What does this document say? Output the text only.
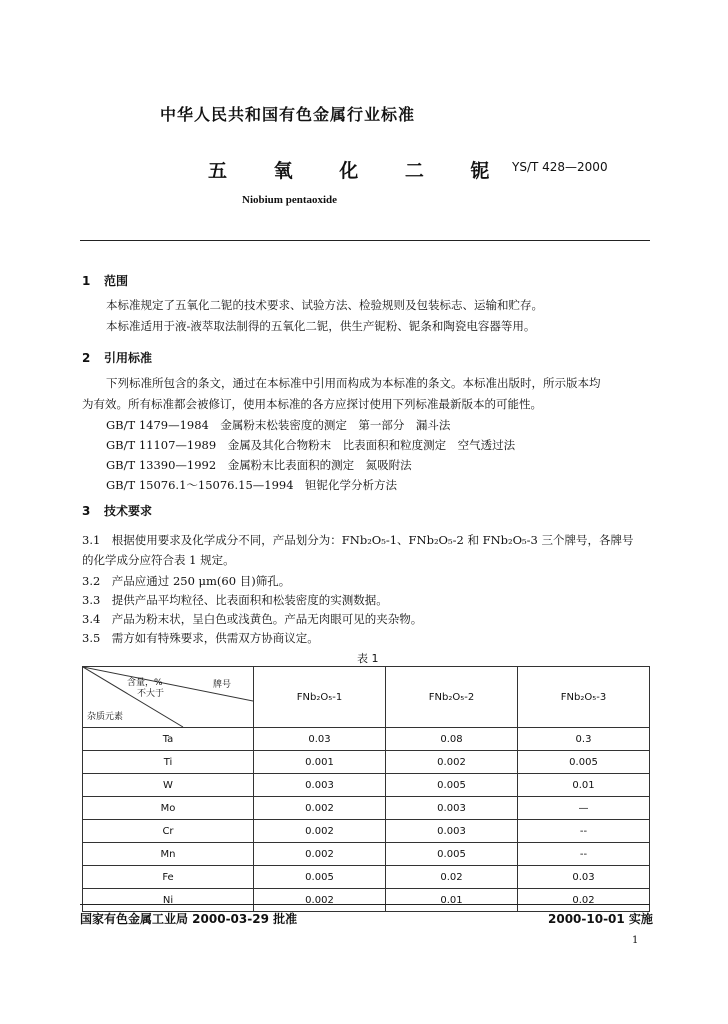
中华人民共和国有色金属行业标准
五 氧 化 二 铌 YS/T 428—2000
Niobium pentaoxide
1 范围
本标准规定了五氧化二铌的技术要求、试验方法、检验规则及包装标志、运输和贮存。
本标准适用于液-液萃取法制得的五氧化二铌，供生产铌粉、铌条和陶瓷电容器等用。
2 引用标准
下列标准所包含的条文，通过在本标准中引用而构成为本标准的条文。本标准出版时，所示版本均
为有效。所有标准都会被修订，使用本标准的各方应探讨使用下列标准最新版本的可能性。
GB/T 1479—1984　金属粉末松装密度的测定　第一部分　漏斗法
GB/T 11107—1989　金属及其化合物粉末　比表面积和粒度测定　空气透过法
GB/T 13390—1992　金属粉末比表面积的测定　氮吸附法
GB/T 15076.1～15076.15—1994　钽铌化学分析方法
3 技术要求
3.1　根据使用要求及化学成分不同，产品划分为：FNb₂O₅-1、FNb₂O₅-2 和 FNb₂O₅-3 三个牌号，各牌号
的化学成分应符合表 1 规定。
3.2　产品应通过 250 μm(60 目)筛孔。
3.3　提供产品平均粒径、比表面积和松装密度的实测数据。
3.4　产品为粉末状，呈白色或浅黄色。产品无肉眼可见的夹杂物。
3.5　需方如有特殊要求，供需双方协商议定。
表 1
含量，%
不大于
牌号
杂质元素	FNb₂O₅-1	FNb₂O₅-2	FNb₂O₅-3
Ta	0.03	0.08	0.3
Ti	0.001	0.002	0.005
W	0.003	0.005	0.01
Mo	0.002	0.003	—
Cr	0.002	0.003	--
Mn	0.002	0.005	--
Fe	0.005	0.02	0.03
Ni	0.002	0.01	0.02
国家有色金属工业局 2000-03-29 批准	2000-10-01 实施
1
